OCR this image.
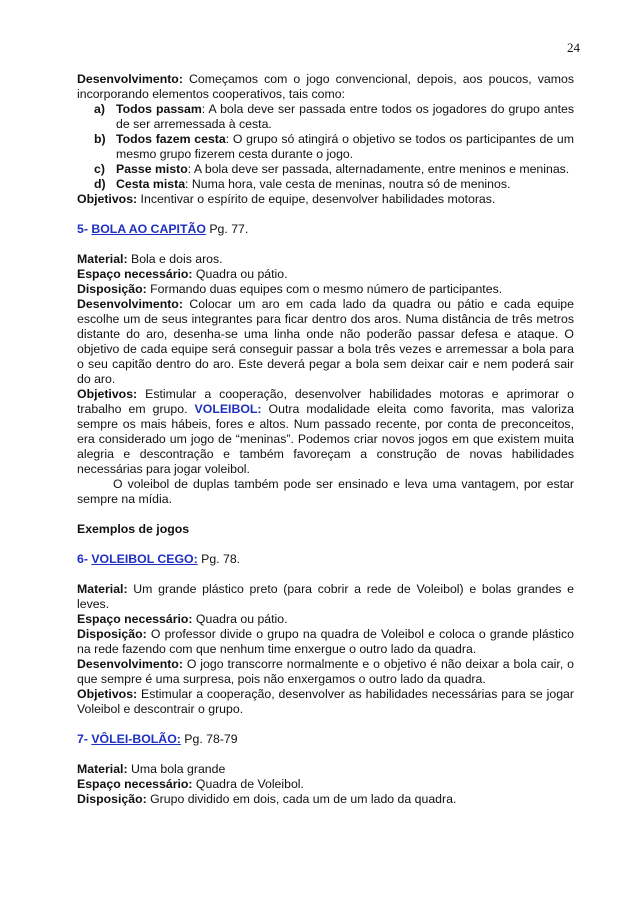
24

Desenvolvimento: Começamos com o jogo convencional, depois, aos poucos, vamos incorporando elementos cooperativos, tais como:

a) Todos passam: A bola deve ser passada entre todos os jogadores do grupo antes de ser arremessada à cesta.
b) Todos fazem cesta: O grupo só atingirá o objetivo se todos os participantes de um mesmo grupo fizerem cesta durante o jogo.
c) Passe misto: A bola deve ser passada, alternadamente, entre meninos e meninas.
d) Cesta mista: Numa hora, vale cesta de meninas, noutra só de meninos.

Objetivos: Incentivar o espírito de equipe, desenvolver habilidades motoras.

5- BOLA AO CAPITÃO Pg. 77.

Material: Bola e dois aros.

Espaço necessário: Quadra ou pátio.

Disposição: Formando duas equipes com o mesmo número de participantes.

Desenvolvimento: Colocar um aro em cada lado da quadra ou pátio e cada equipe escolhe um de seus integrantes para ficar dentro dos aros. Numa distância de três metros distante do aro, desenha-se uma linha onde não poderão passar defesa e ataque. O objetivo de cada equipe será conseguir passar a bola três vezes e arremessar a bola para o seu capitão dentro do aro. Este deverá pegar a bola sem deixar cair e nem poderá sair do aro.

Objetivos: Estimular a cooperação, desenvolver habilidades motoras e aprimorar o trabalho em grupo. VOLEIBOL: Outra modalidade eleita como favorita, mas valoriza sempre os mais hábeis, fores e altos. Num passado recente, por conta de preconceitos, era considerado um jogo de “meninas”. Podemos criar novos jogos em que existem muita alegria e descontração e também favoreçam a construção de novas habilidades necessárias para jogar voleibol.

O voleibol de duplas também pode ser ensinado e leva uma vantagem, por estar sempre na mídia.

Exemplos de jogos

6- VOLEIBOL CEGO: Pg. 78.

Material: Um grande plástico preto (para cobrir a rede de Voleibol) e bolas grandes e leves.

Espaço necessário: Quadra ou pátio.

Disposição: O professor divide o grupo na quadra de Voleibol e coloca o grande plástico na rede fazendo com que nenhum time enxergue o outro lado da quadra.

Desenvolvimento: O jogo transcorre normalmente e o objetivo é não deixar a bola cair, o que sempre é uma surpresa, pois não enxergamos o outro lado da quadra.

Objetivos: Estimular a cooperação, desenvolver as habilidades necessárias para se jogar Voleibol e descontrair o grupo.

7- VÔLEI-BOLÃO: Pg. 78-79

Material: Uma bola grande

Espaço necessário: Quadra de Voleibol.

Disposição: Grupo dividido em dois, cada um de um lado da quadra.
